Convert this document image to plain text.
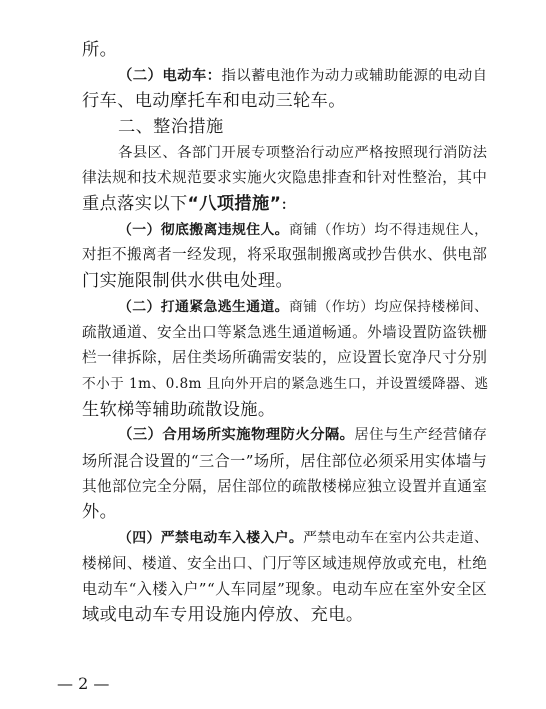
所。
（二）电动车：指以蓄电池作为动力或辅助能源的电动自
行车、电动摩托车和电动三轮车。
二、整治措施
各县区、各部门开展专项整治行动应严格按照现行消防法
律法规和技术规范要求实施火灾隐患排查和针对性整治，其中
重点落实以下“八项措施”:
（一）彻底搬离违规住人。商铺（作坊）均不得违规住人，
对拒不搬离者一经发现，将采取强制搬离或抄告供水、供电部
门实施限制供水供电处理。
（二）打通紧急逃生通道。商铺（作坊）均应保持楼梯间、
疏散通道、安全出口等紧急逃生通道畅通。外墙设置防盗铁栅
栏一律拆除，居住类场所确需安装的，应设置长宽净尺寸分别
不小于 1m、0.8m 且向外开启的紧急逃生口，并设置缓降器、逃
生软梯等辅助疏散设施。
（三）合用场所实施物理防火分隔。居住与生产经营储存
场所混合设置的“三合一”场所，居住部位必须采用实体墙与
其他部位完全分隔，居住部位的疏散楼梯应独立设置并直通室
外。
（四）严禁电动车入楼入户。严禁电动车在室内公共走道、
楼梯间、楼道、安全出口、门厅等区域违规停放或充电，杜绝
电动车“入楼入户”“人车同屋”现象。电动车应在室外安全区
域或电动车专用设施内停放、充电。
— 2 —
